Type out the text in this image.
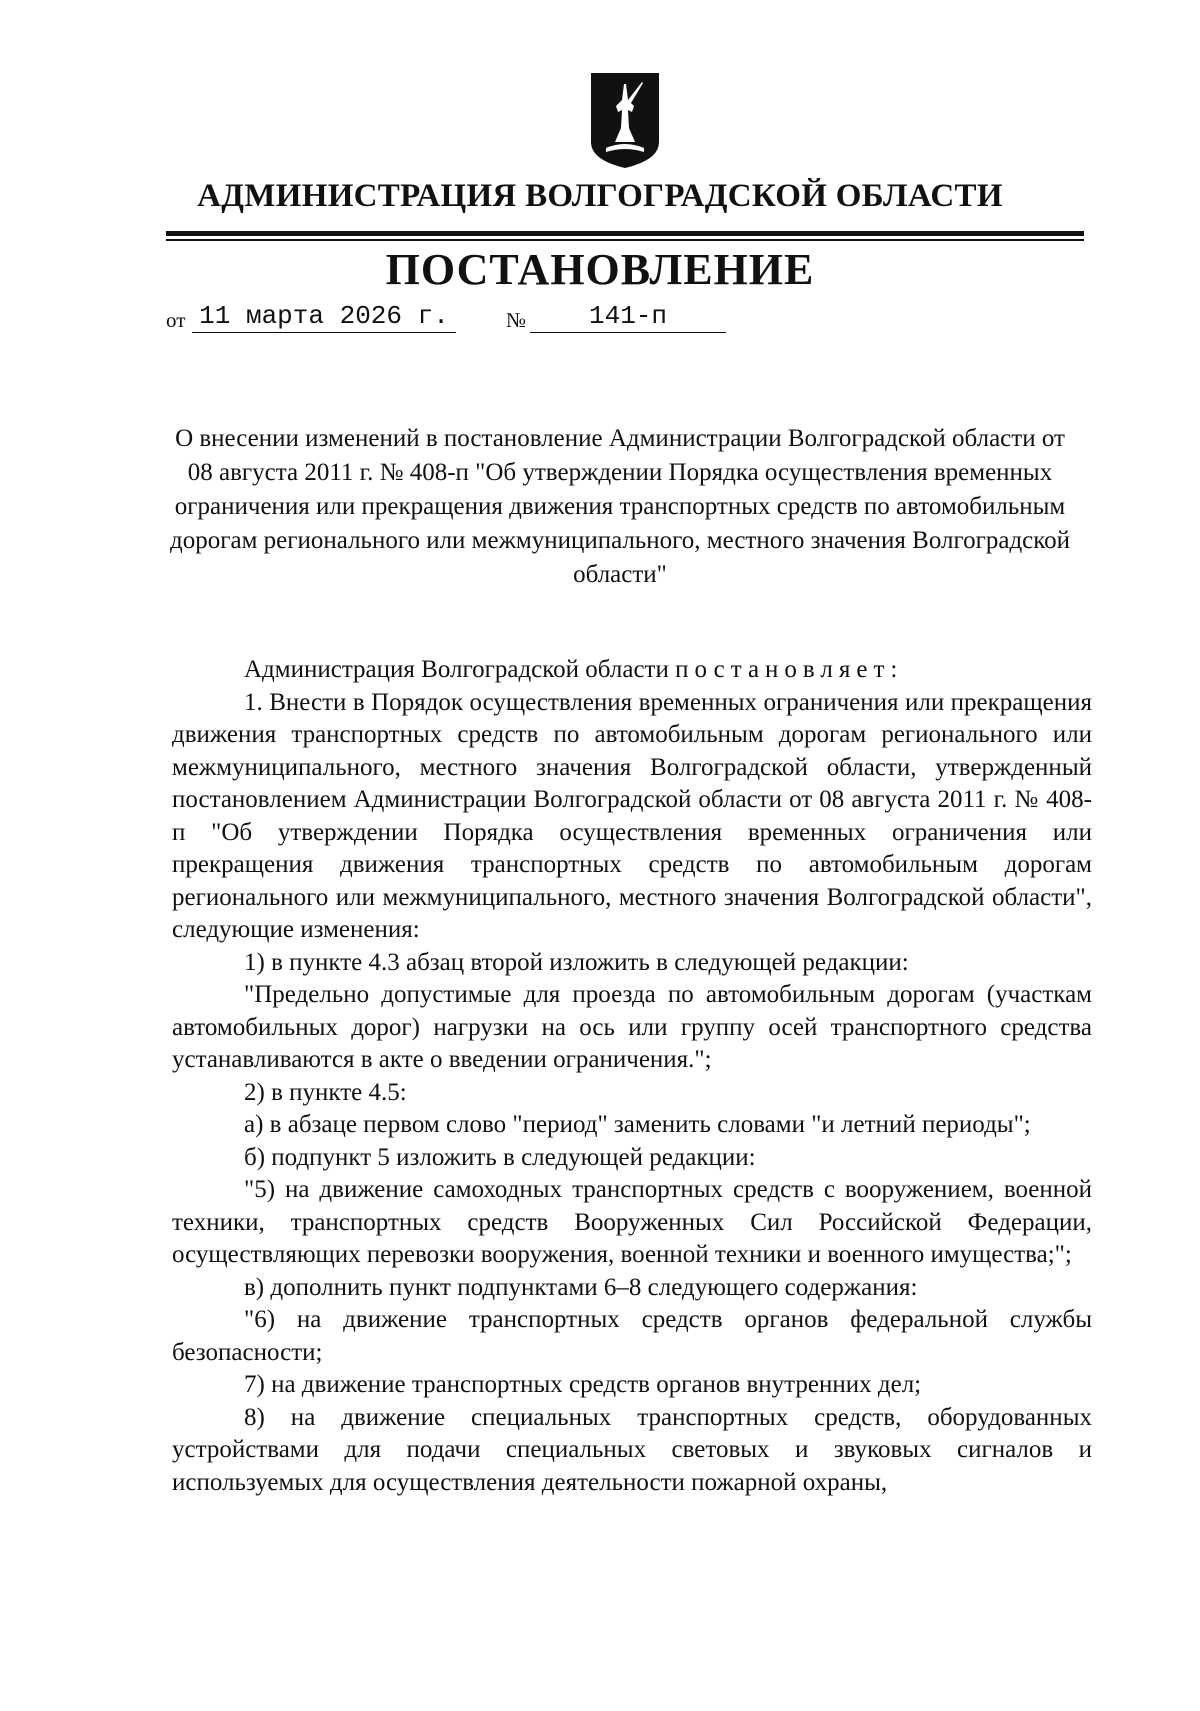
АДМИНИСТРАЦИЯ ВОЛГОГРАДСКОЙ ОБЛАСТИ
ПОСТАНОВЛЕНИЕ
от 11 марта 2026 г.	№	141-п
О внесении изменений в постановление Администрации Волгоградской области от 08 августа 2011 г. № 408-п "Об утверждении Порядка осуществления временных ограничения или прекращения движения транспортных средств по автомобильным дорогам регионального или межмуниципального, местного значения Волгоградской области"

Администрация Волгоградской области постановляет:

1. Внести в Порядок осуществления временных ограничения или прекращения движения транспортных средств по автомобильным дорогам регионального или межмуниципального, местного значения Волгоградской области, утвержденный постановлением Администрации Волгоградской области от 08 августа 2011 г. № 408-п "Об утверждении Порядка осуществления временных ограничения или прекращения движения транспортных средств по автомобильным дорогам регионального или межмуниципального, местного значения Волгоградской области", следующие изменения:

1) в пункте 4.3 абзац второй изложить в следующей редакции:

"Предельно допустимые для проезда по автомобильным дорогам (участкам автомобильных дорог) нагрузки на ось или группу осей транспортного средства устанавливаются в акте о введении ограничения.";

2) в пункте 4.5:

а) в абзаце первом слово "период" заменить словами "и летний периоды";

б) подпункт 5 изложить в следующей редакции:

"5) на движение самоходных транспортных средств с вооружением, военной техники, транспортных средств Вооруженных Сил Российской Федерации, осуществляющих перевозки вооружения, военной техники и военного имущества;";

в) дополнить пункт подпунктами 6–8 следующего содержания:

"6) на движение транспортных средств органов федеральной службы безопасности;

7) на движение транспортных средств органов внутренних дел;

8) на движение специальных транспортных средств, оборудованных устройствами для подачи специальных световых и звуковых сигналов и используемых для осуществления деятельности пожарной охраны,
